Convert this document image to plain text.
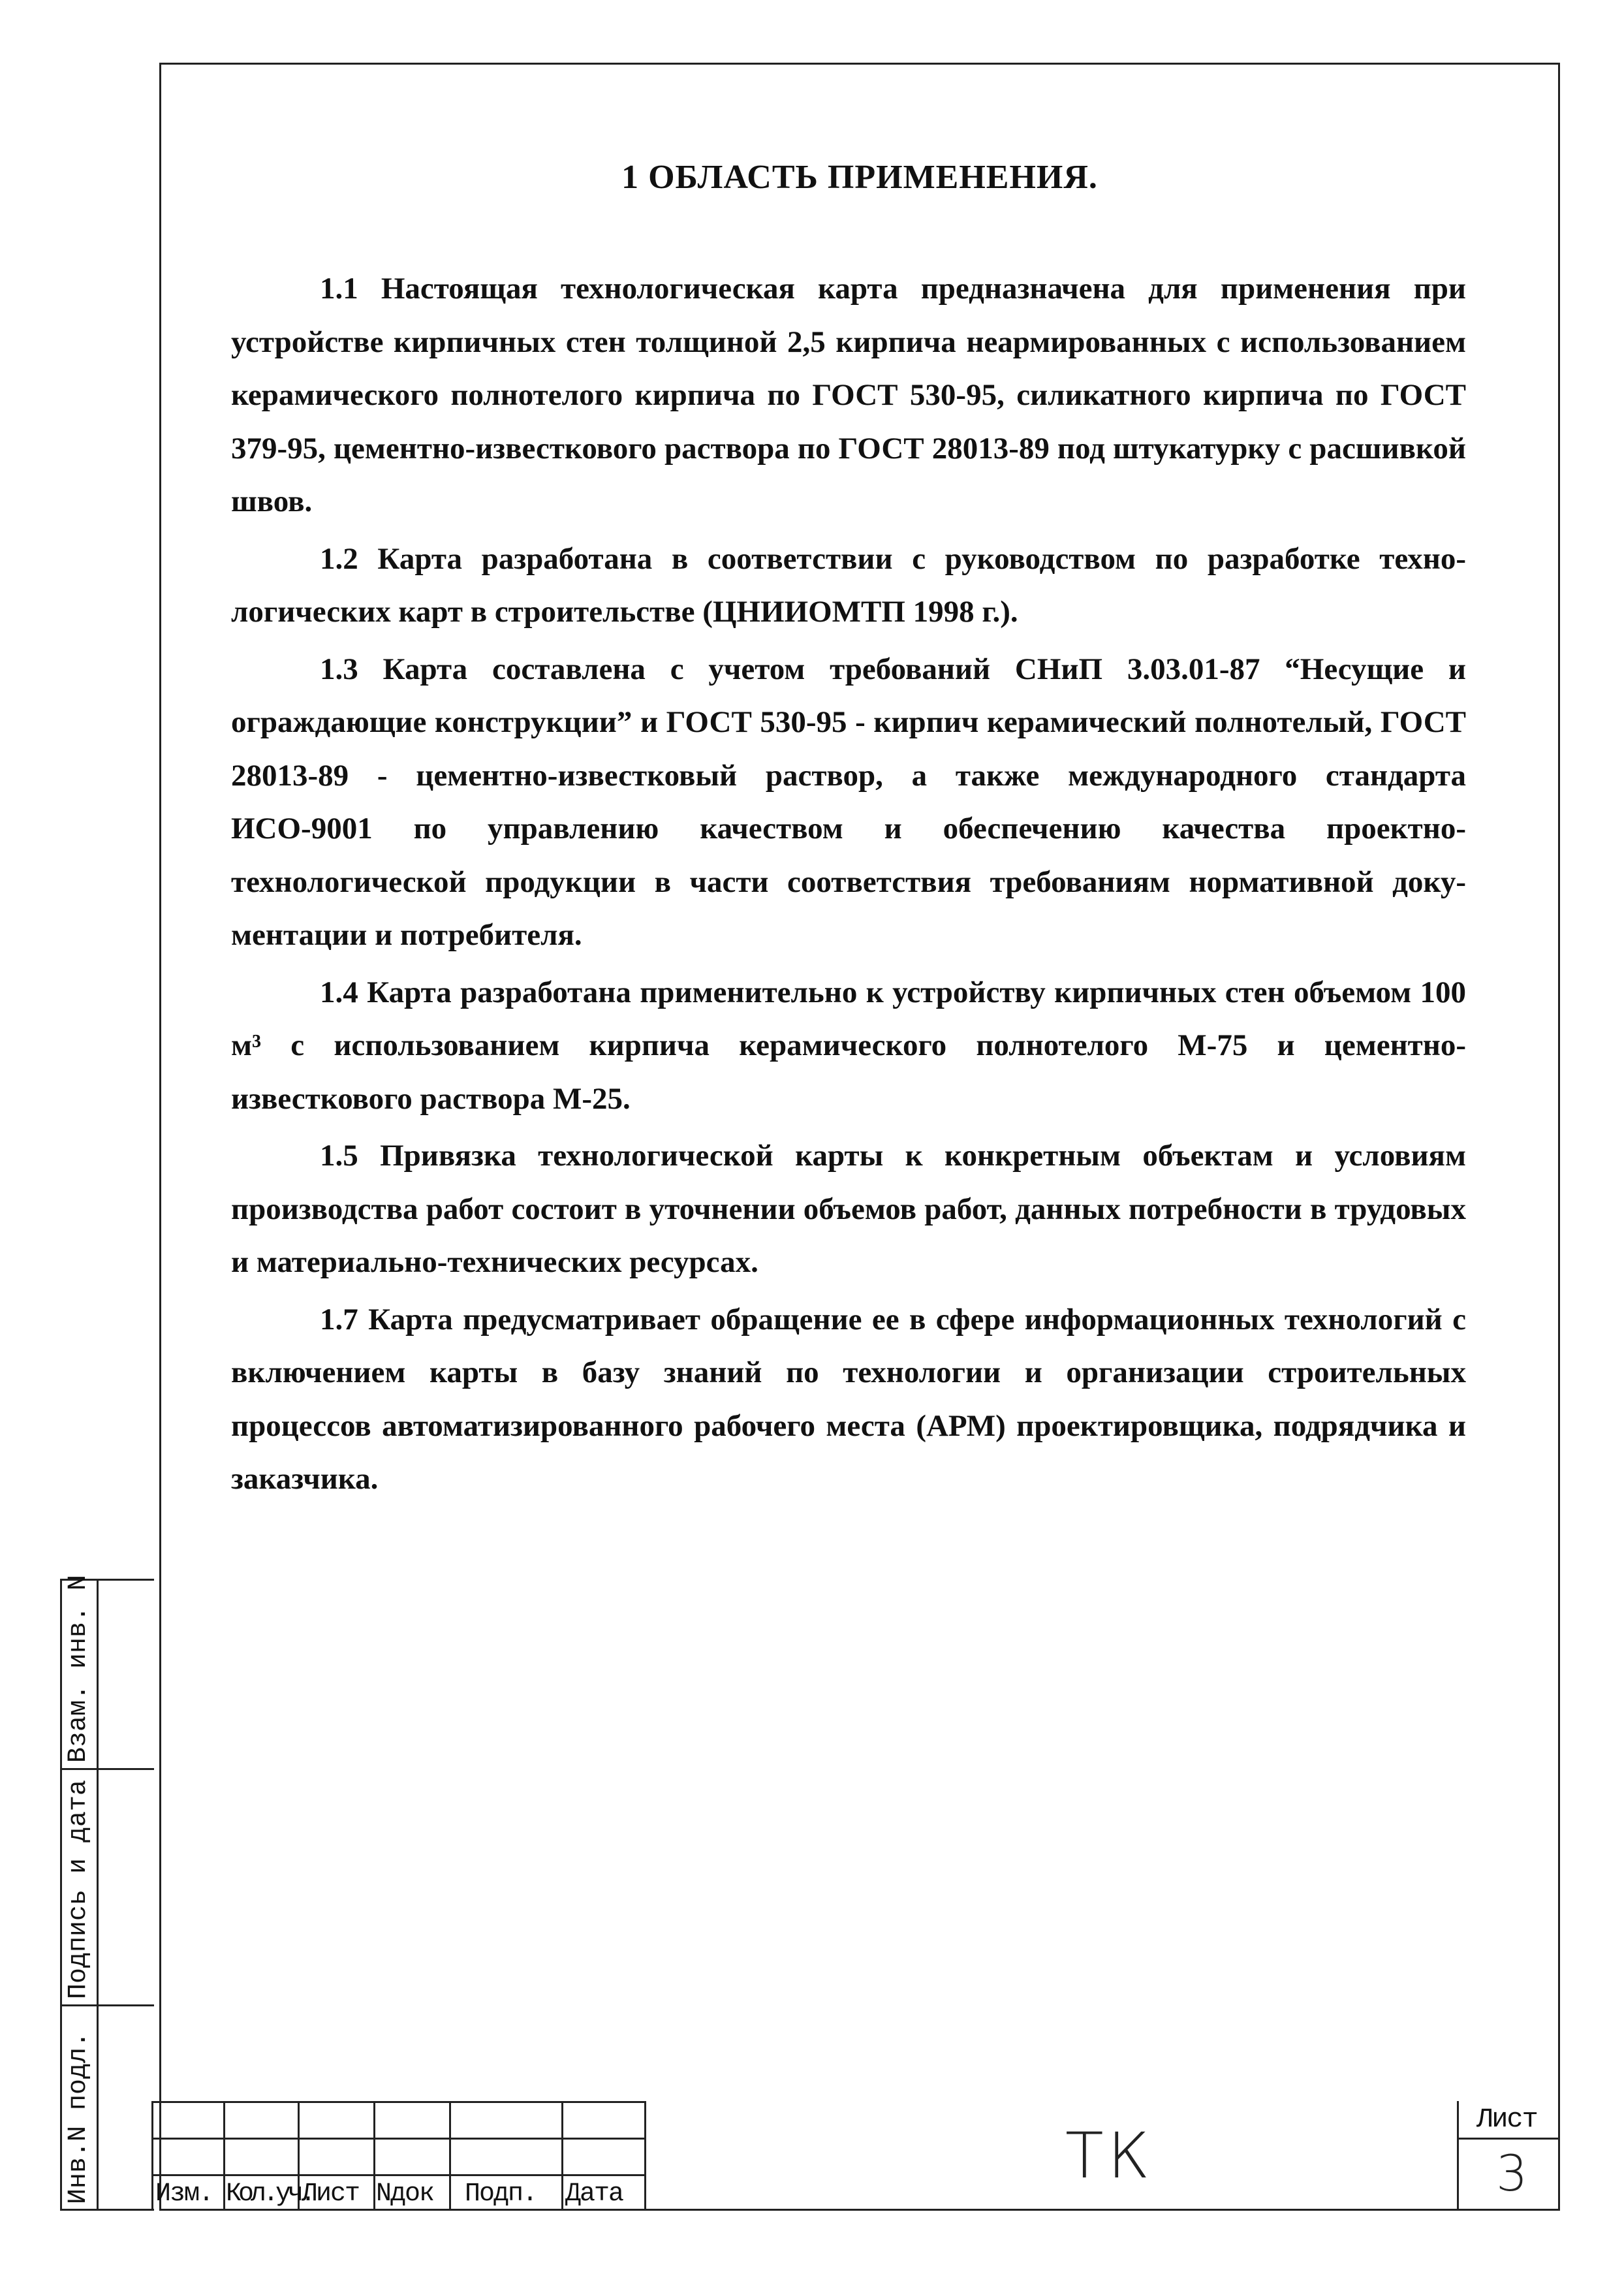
1 ОБЛАСТЬ ПРИМЕНЕНИЯ.

1.1 Настоящая технологическая карта предназначена для применения при устройстве кирпичных стен толщиной 2,5 кирпича неармированных с использованием керамического полнотелого кирпича по ГОСТ 530-95, силикатного кирпича по ГОСТ 379-95, цементно-известкового раствора по ГОСТ 28013-89 под штукатурку с расшивкой швов.

1.2 Карта разработана в соответствии с руководством по разработке технологических карт в строительстве (ЦНИИОМТП 1998 г.).

1.3 Карта составлена с учетом требований СНиП 3.03.01-87 “Несущие и ограждающие конструкции” и ГОСТ 530-95 - кирпич керамический полнотелый, ГОСТ 28013-89 - цементно-известковый раствор, а также международного стандарта ИСО-9001 по управлению качеством и обеспечению качества проектно-технологической продукции в части соответствия требованиям нормативной документации и потребителя.

1.4 Карта разработана применительно к устройству кирпичных стен объемом 100 м³ с использованием кирпича керамического полнотелого М-75 и цементно-известкового раствора М-25.

1.5 Привязка технологической карты к конкретным объектам и условиям производства работ состоит в уточнении объемов работ, данных потребности в трудовых и материально-технических ресурсах.

1.7 Карта предусматривает обращение ее в сфере информационных технологий с включением карты в базу знаний по технологии и организации строительных процессов автоматизированного рабочего места (АРМ) проектировщика, подрядчика и заказчика.

Взам. инв. N
Подпись и дата
Инв.N подл. Изм. Кол.уч.
Лист Nдок Подп. Дата
ТК	Лист
3
